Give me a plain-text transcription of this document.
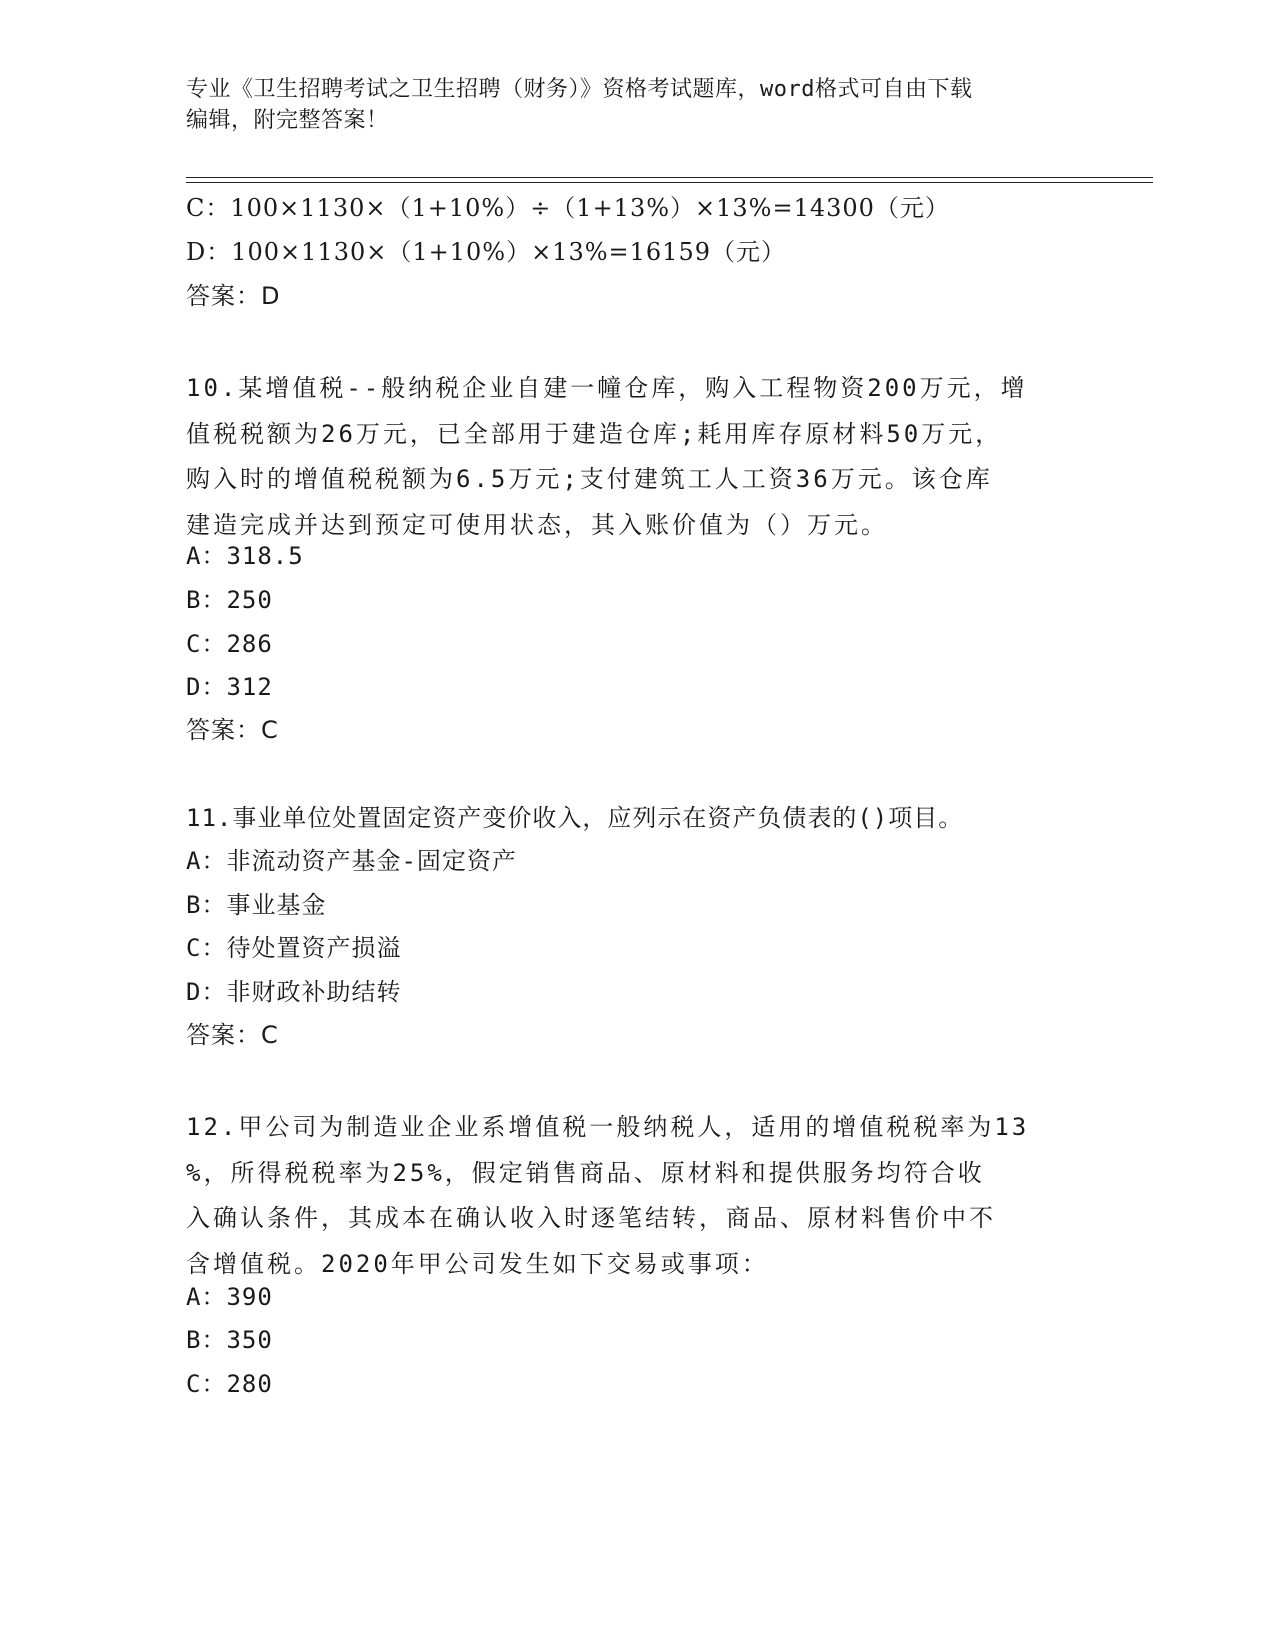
专业《卫生招聘考试之卫生招聘（财务）》资格考试题库，word格式可自由下载
编辑，附完整答案！
C：100×1130×（1+10%）÷（1+13%）×13%=14300（元）
D：100×1130×（1+10%）×13%=16159（元）
答案：D
10.某增值税--般纳税企业自建一幢仓库，购入工程物资200万元，增
值税税额为26万元，已全部用于建造仓库;耗用库存原材料50万元，
购入时的增值税税额为6.5万元;支付建筑工人工资36万元。该仓库
建造完成并达到预定可使用状态，其入账价值为（）万元。
A：318.5
B：250
C：286
D：312
答案：C
11.事业单位处置固定资产变价收入，应列示在资产负债表的()项目。
A：非流动资产基金-固定资产
B：事业基金
C：待处置资产损溢
D：非财政补助结转
答案：C
12.甲公司为制造业企业系增值税一般纳税人，适用的增值税税率为13
%，所得税税率为25%，假定销售商品、原材料和提供服务均符合收
入确认条件，其成本在确认收入时逐笔结转，商品、原材料售价中不
含增值税。2020年甲公司发生如下交易或事项：
A：390
B：350
C：280
